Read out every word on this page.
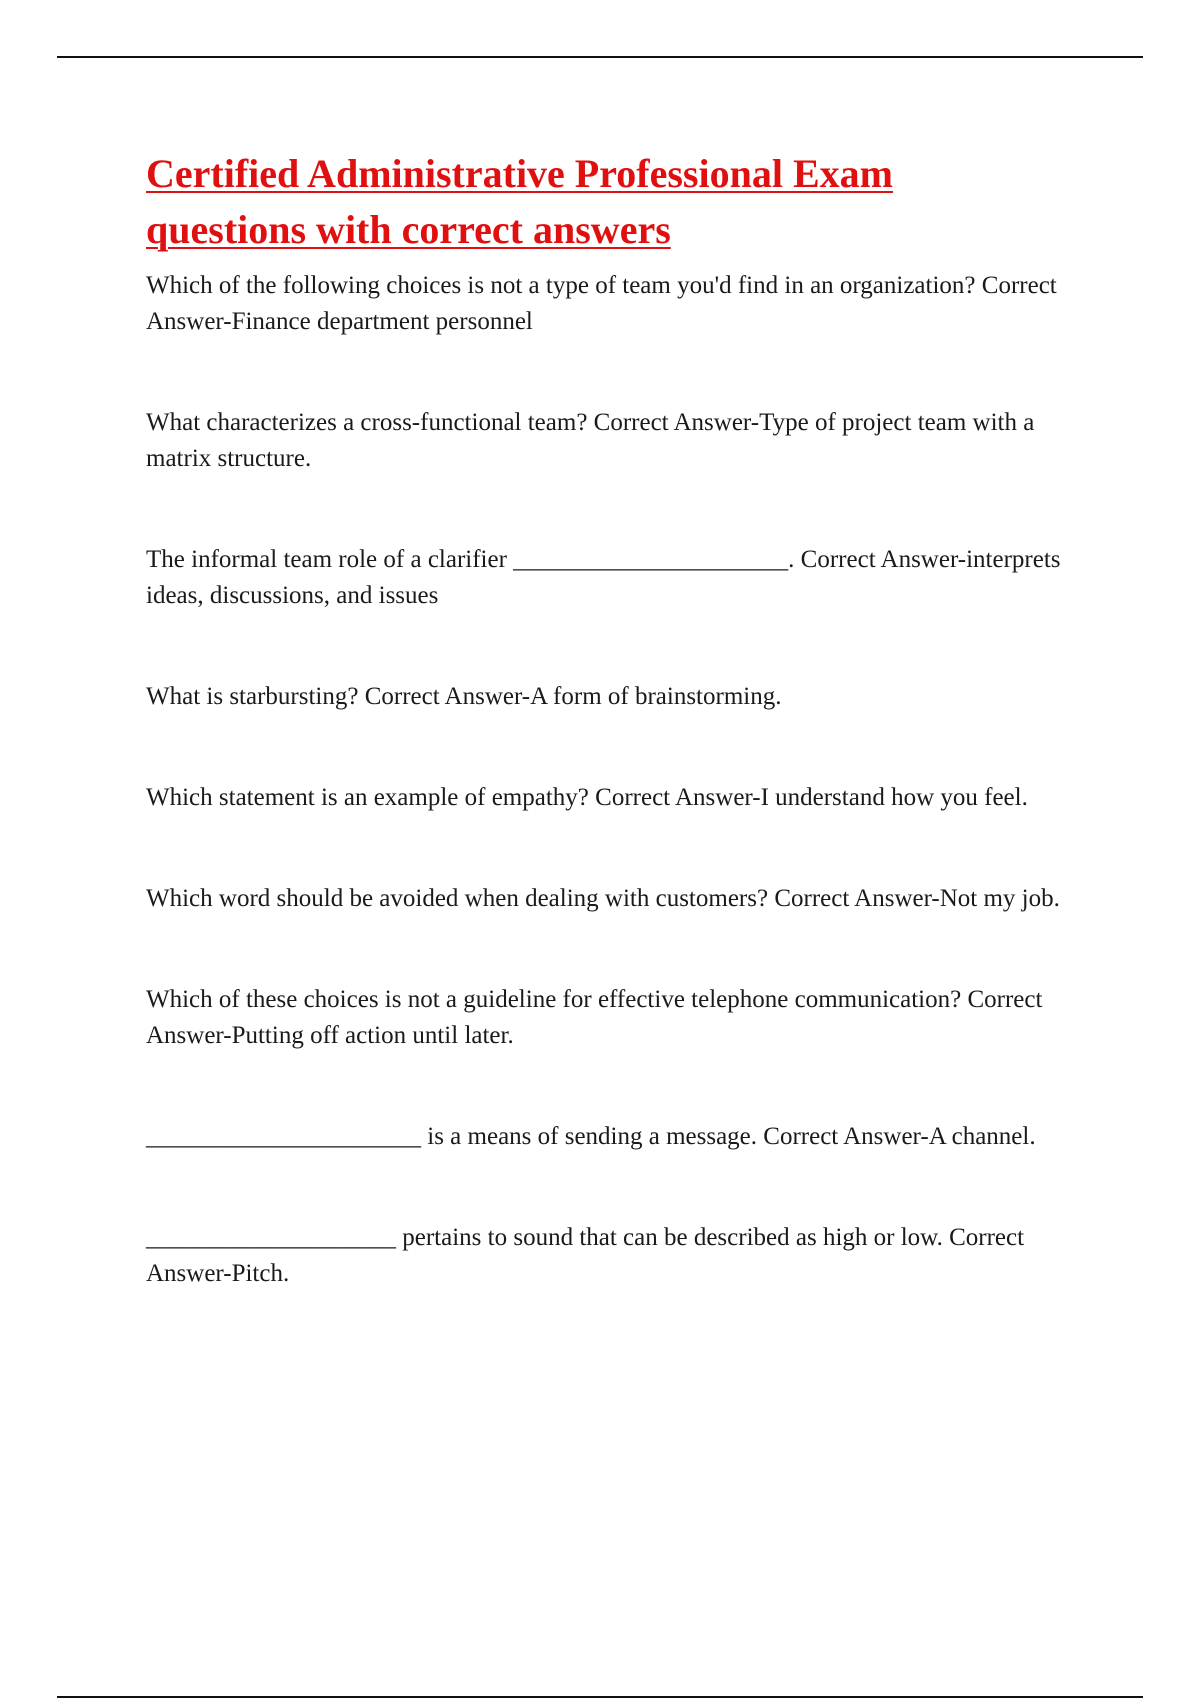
Certified Administrative Professional Exam
questions with correct answers

Which of the following choices is not a type of team you'd find in an organization? Correct Answer-Finance department personnel

What characterizes a cross-functional team? Correct Answer-Type of project team with a matrix structure.

The informal team role of a clarifier ______________________. Correct Answer-interprets ideas, discussions, and issues

What is starbursting? Correct Answer-A form of brainstorming.

Which statement is an example of empathy? Correct Answer-I understand how you feel.

Which word should be avoided when dealing with customers? Correct Answer-Not my job.

Which of these choices is not a guideline for effective telephone communication? Correct Answer-Putting off action until later.

______________________ is a means of sending a message. Correct Answer-A channel.

____________________ pertains to sound that can be described as high or low. Correct Answer-Pitch.
